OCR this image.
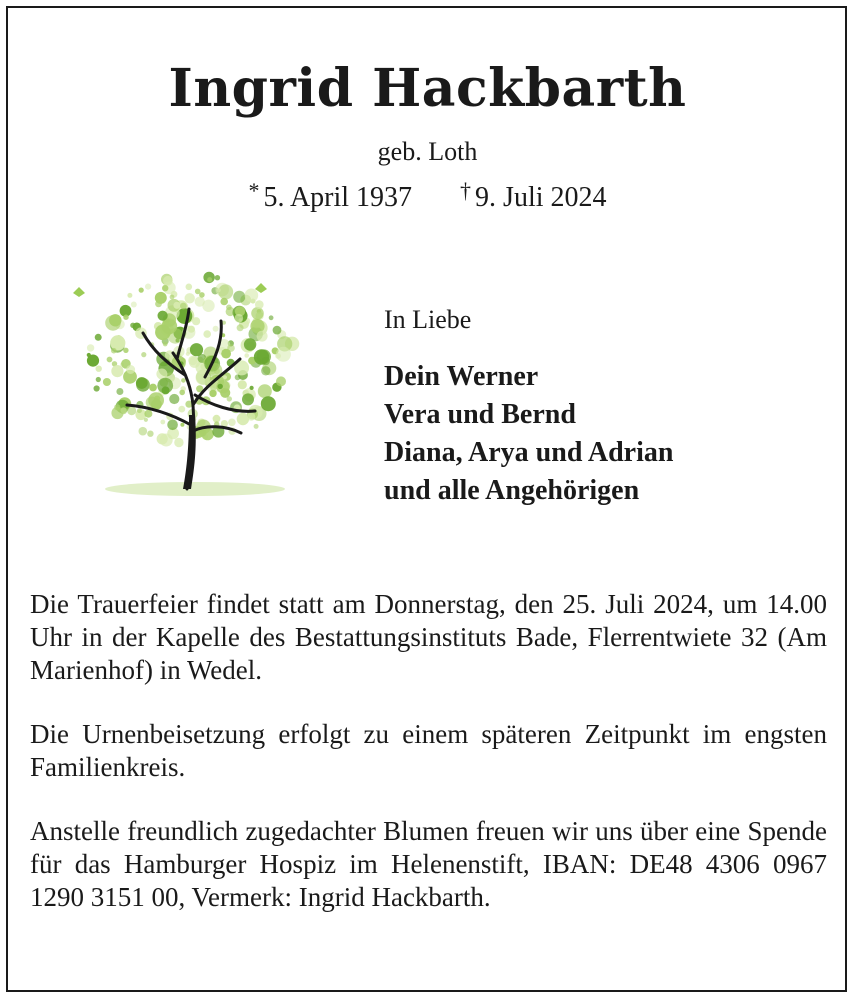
Ingrid Hackbarth
geb. Loth
* 5. April 1937 † 9. Juli 2024
In Liebe
Dein Werner
Vera und Bernd
Diana, Arya und Adrian
und alle Angehörigen

Die Trauerfeier findet statt am Donnerstag, den 25. Juli 2024, um 14.00 Uhr in der Kapelle des Bestattungsinstituts Bade, Flerrentwiete 32 (Am Marienhof) in Wedel.

Die Urnenbeisetzung erfolgt zu einem späteren Zeitpunkt im engsten Familienkreis.

Anstelle freundlich zugedachter Blumen freuen wir uns über eine Spende für das Hamburger Hospiz im Helenenstift, IBAN: DE48 4306 0967 1290 3151 00, Vermerk: Ingrid Hackbarth.
